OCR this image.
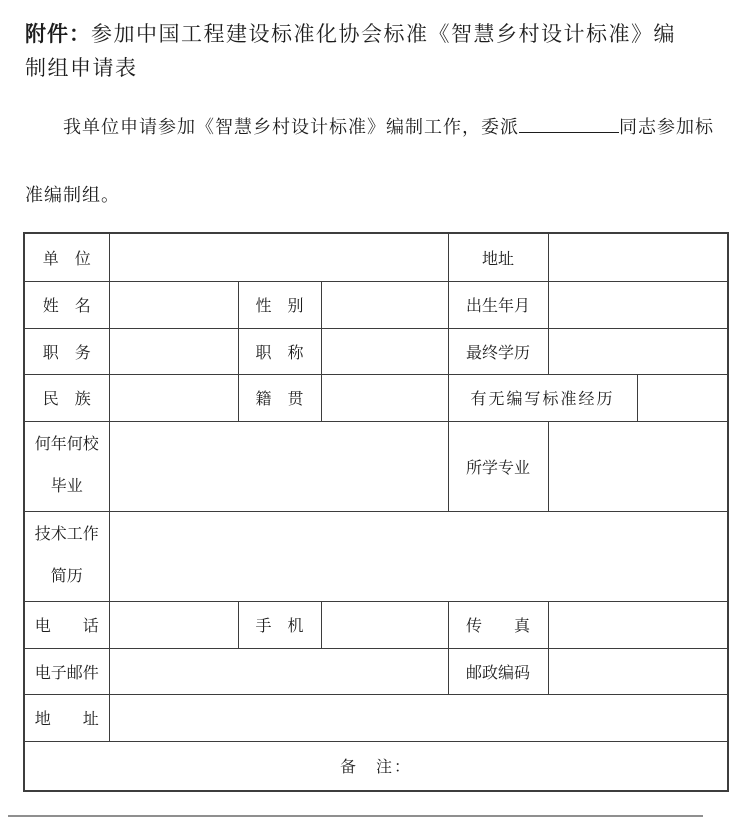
附件：参加中国工程建设标准化协会标准《智慧乡村设计标准》编
制组申请表
我单位申请参加《智慧乡村设计标准》编制工作，委派	同志参加标
准编制组。
单　位				地址		
姓　名		性　别		出生年月		
职　务		职　称		最终学历		
民　族		籍　贯		有无编写标准经历		

何年何校
毕业				所学专业		

技术工作
简历						

电　　话		手　机		传　　真		
电子邮件				邮政编码		
地　　址						
备　注：						
